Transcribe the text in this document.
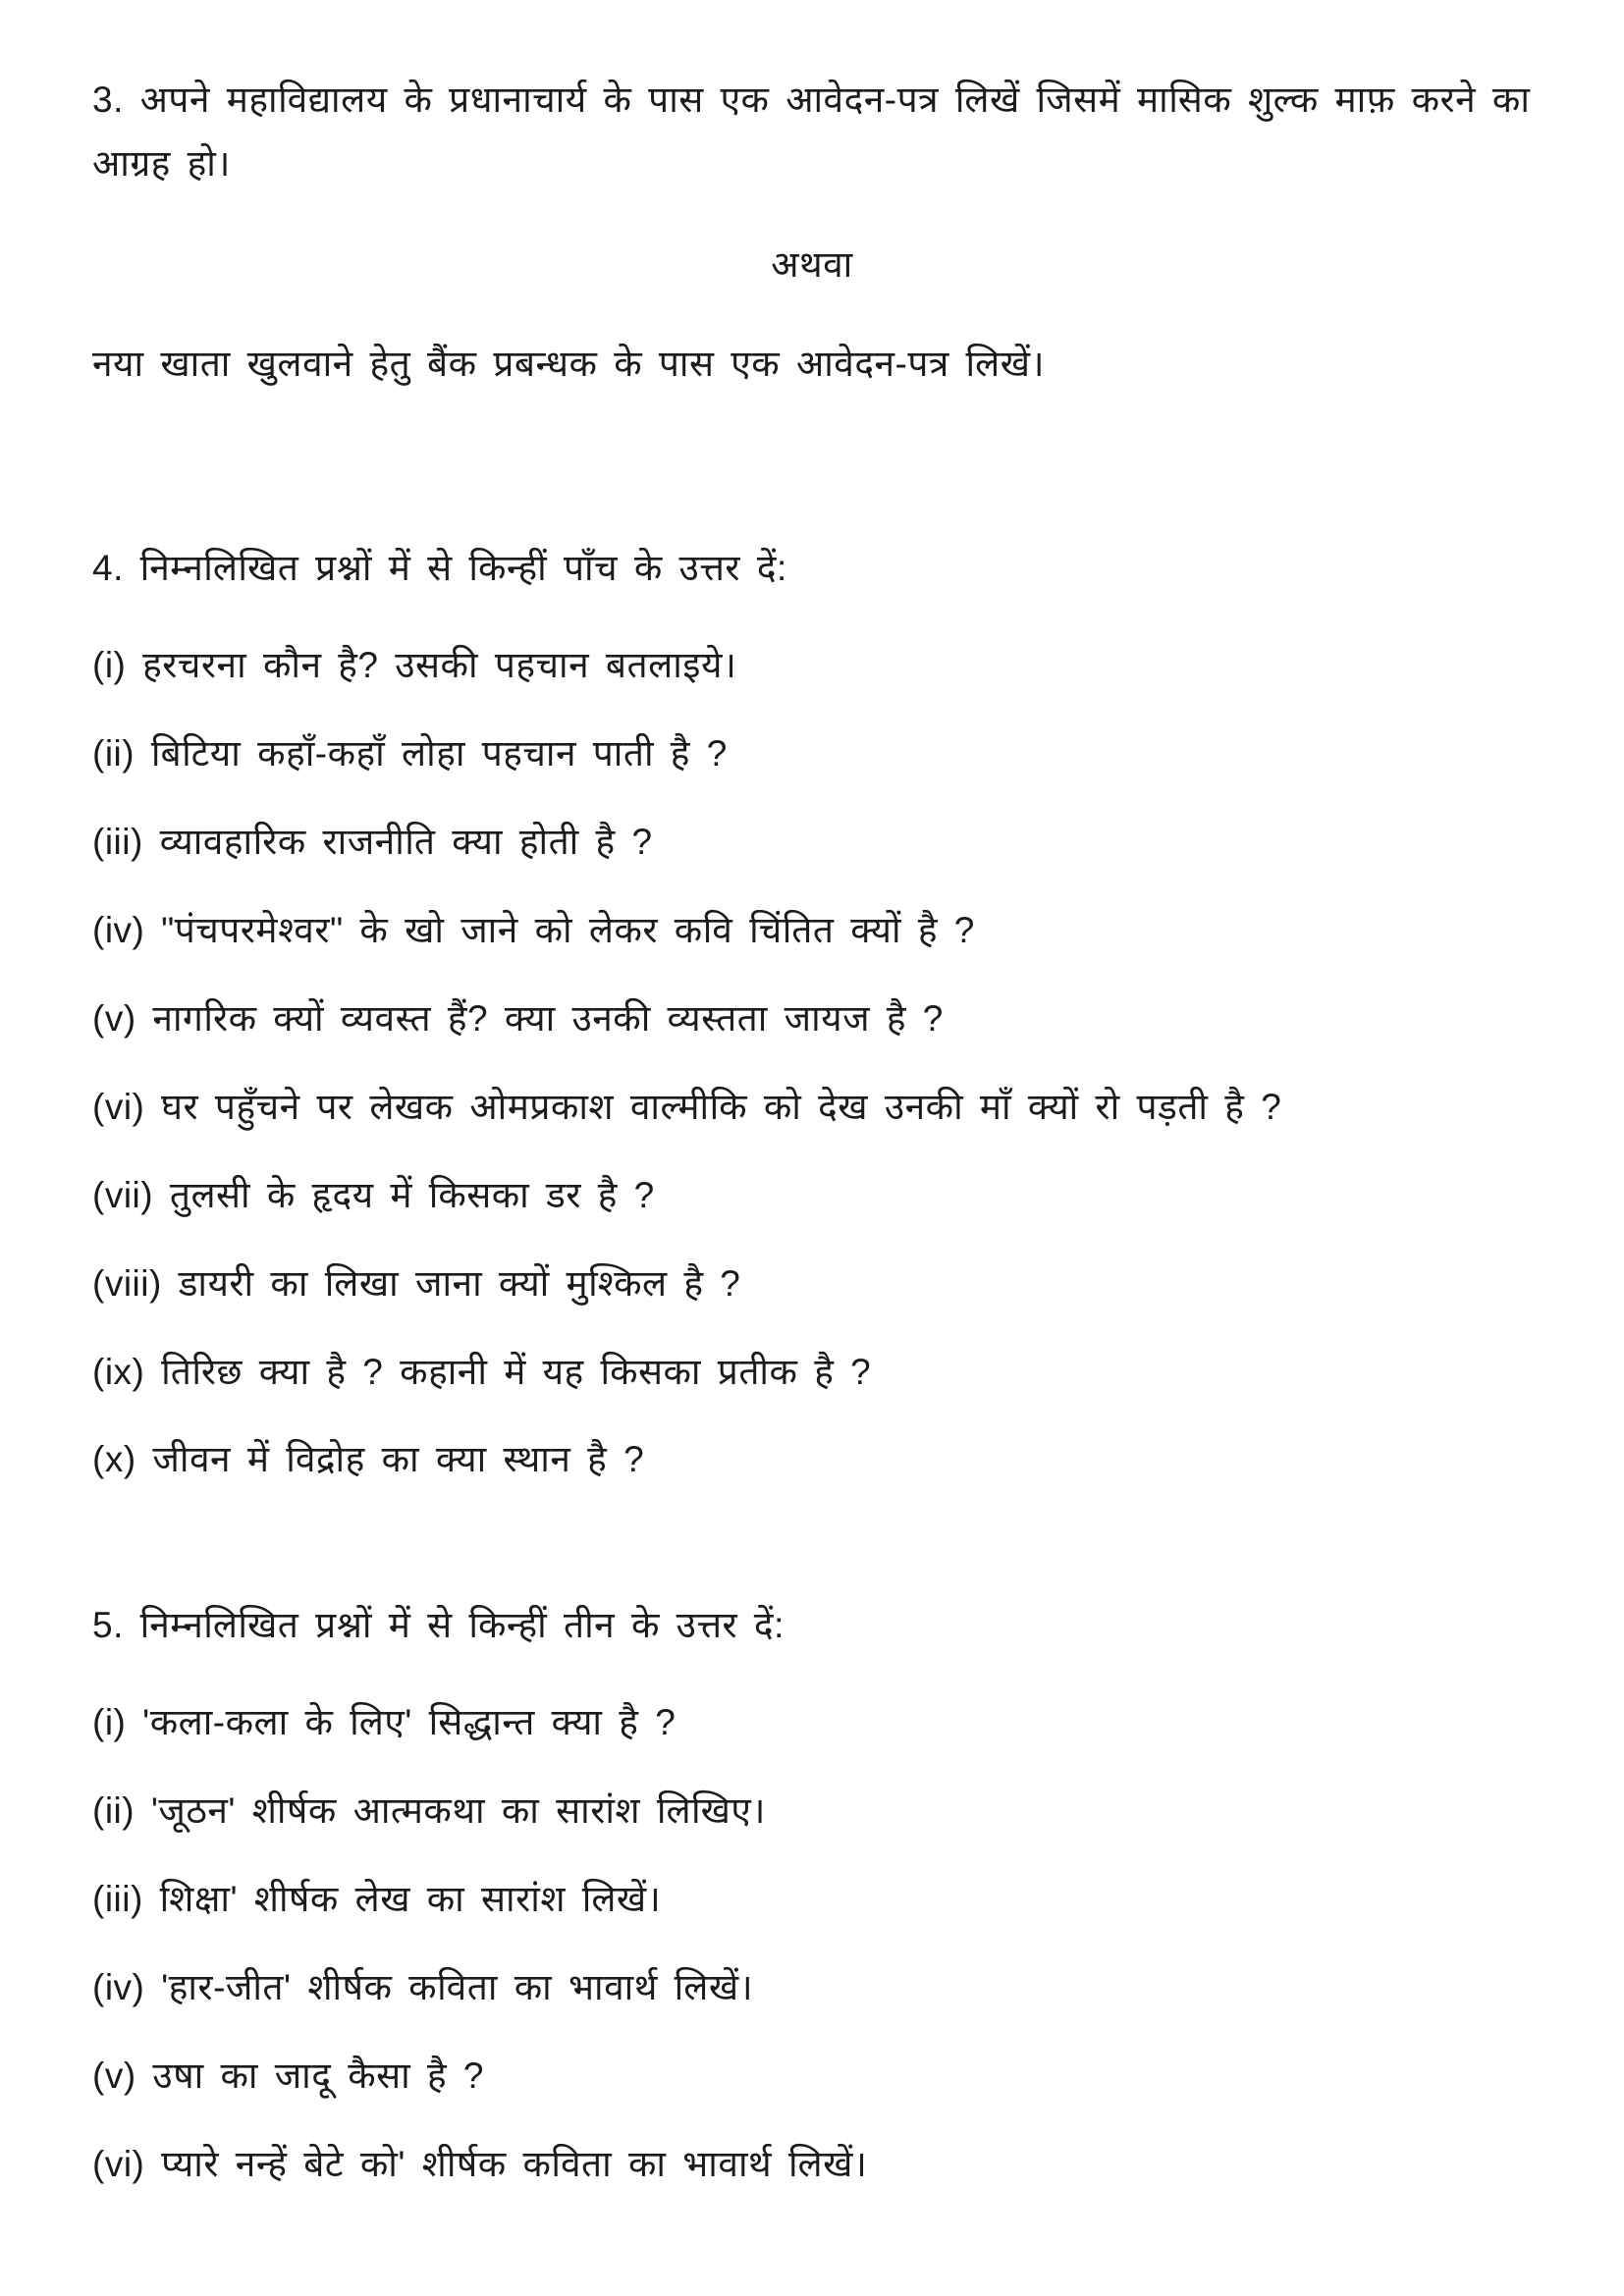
3. अपने महाविद्यालय के प्रधानाचार्य के पास एक आवेदन-पत्र लिखें जिसमें मासिक शुल्क माफ़ करने का आग्रह हो।

अथवा

नया खाता खुलवाने हेतु बैंक प्रबन्धक के पास एक आवेदन-पत्र लिखें।

4. निम्नलिखित प्रश्नों में से किन्हीं पाँच के उत्तर दें:

(i) हरचरना कौन है? उसकी पहचान बतलाइये।

(ii) बिटिया कहाँ-कहाँ लोहा पहचान पाती है ?

(iii) व्यावहारिक राजनीति क्या होती है ?

(iv) "पंचपरमेश्वर" के खो जाने को लेकर कवि चिंतित क्यों है ?

(v) नागरिक क्यों व्यवस्त हैं? क्या उनकी व्यस्तता जायज है ?

(vi) घर पहुँचने पर लेखक ओमप्रकाश वाल्मीकि को देख उनकी माँ क्यों रो पड़ती है ?

(vii) तुलसी के हृदय में किसका डर है ?

(viii) डायरी का लिखा जाना क्यों मुश्किल है ?

(ix) तिरिछ क्या है ? कहानी में यह किसका प्रतीक है ?

(x) जीवन में विद्रोह का क्या स्थान है ?

5. निम्नलिखित प्रश्नों में से किन्हीं तीन के उत्तर दें:

(i) 'कला-कला के लिए' सिद्धान्त क्या है ?

(ii) 'जूठन' शीर्षक आत्मकथा का सारांश लिखिए।

(iii) शिक्षा' शीर्षक लेख का सारांश लिखें।

(iv) 'हार-जीत' शीर्षक कविता का भावार्थ लिखें।

(v) उषा का जादू कैसा है ?

(vi) प्यारे नन्हें बेटे को' शीर्षक कविता का भावार्थ लिखें।
